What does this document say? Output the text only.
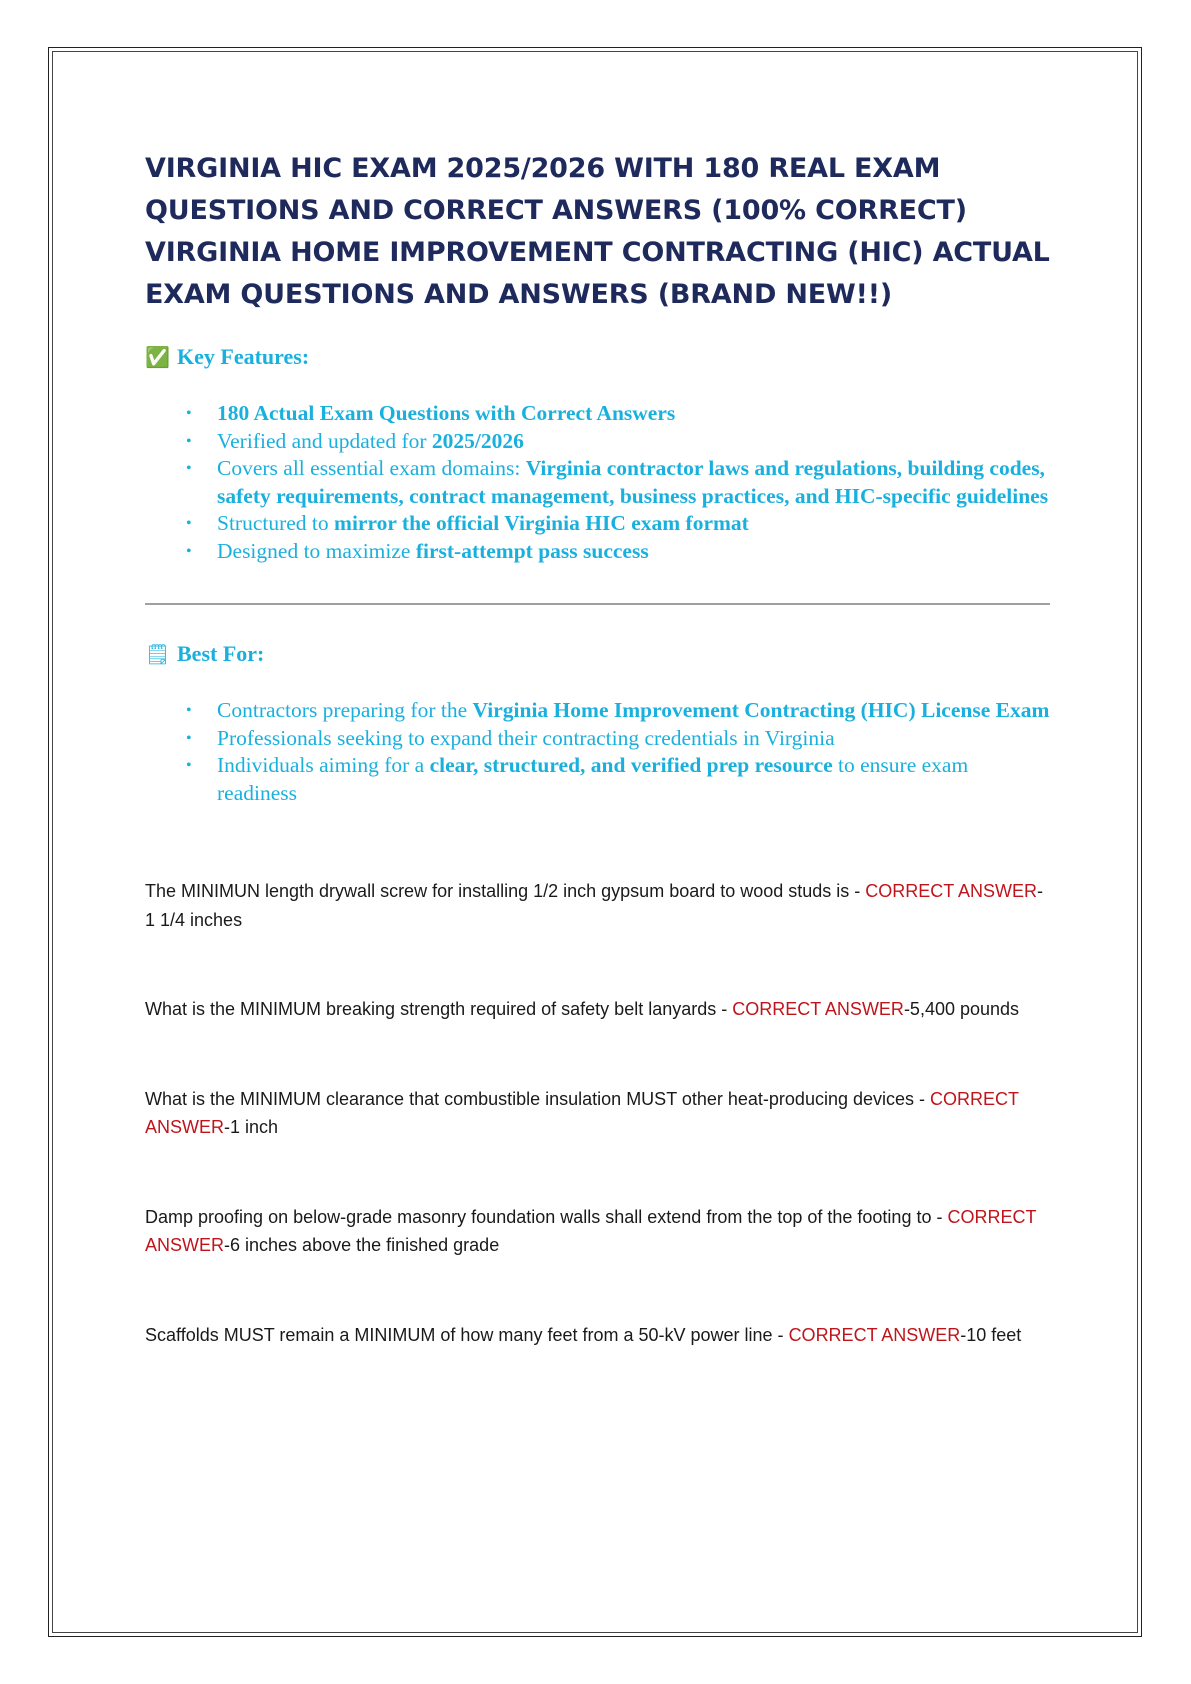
VIRGINIA HIC EXAM 2025/2026 WITH 180 REAL EXAM QUESTIONS AND CORRECT ANSWERS (100% CORRECT) VIRGINIA HOME IMPROVEMENT CONTRACTING (HIC) ACTUAL EXAM QUESTIONS AND ANSWERS (BRAND NEW!!)
✅ Key Features:
• 180 Actual Exam Questions with Correct Answers
• Verified and updated for 2025/2026
• Covers all essential exam domains: Virginia contractor laws and regulations, building codes, safety requirements, contract management, business practices, and HIC-specific guidelines
• Structured to mirror the official Virginia HIC exam format
• Designed to maximize first-attempt pass success
🗒 Best For:
• Contractors preparing for the Virginia Home Improvement Contracting (HIC) License Exam
• Professionals seeking to expand their contracting credentials in Virginia
• Individuals aiming for a clear, structured, and verified prep resource to ensure exam readiness
The MINIMUN length drywall screw for installing 1/2 inch gypsum board to wood studs is - CORRECT ANSWER-1 1/4 inches
What is the MINIMUM breaking strength required of safety belt lanyards - CORRECT ANSWER-5,400 pounds
What is the MINIMUM clearance that combustible insulation MUST other heat-producing devices - CORRECT ANSWER-1 inch
Damp proofing on below-grade masonry foundation walls shall extend from the top of the footing to - CORRECT ANSWER-6 inches above the finished grade
Scaffolds MUST remain a MINIMUM of how many feet from a 50-kV power line - CORRECT ANSWER-10 feet
